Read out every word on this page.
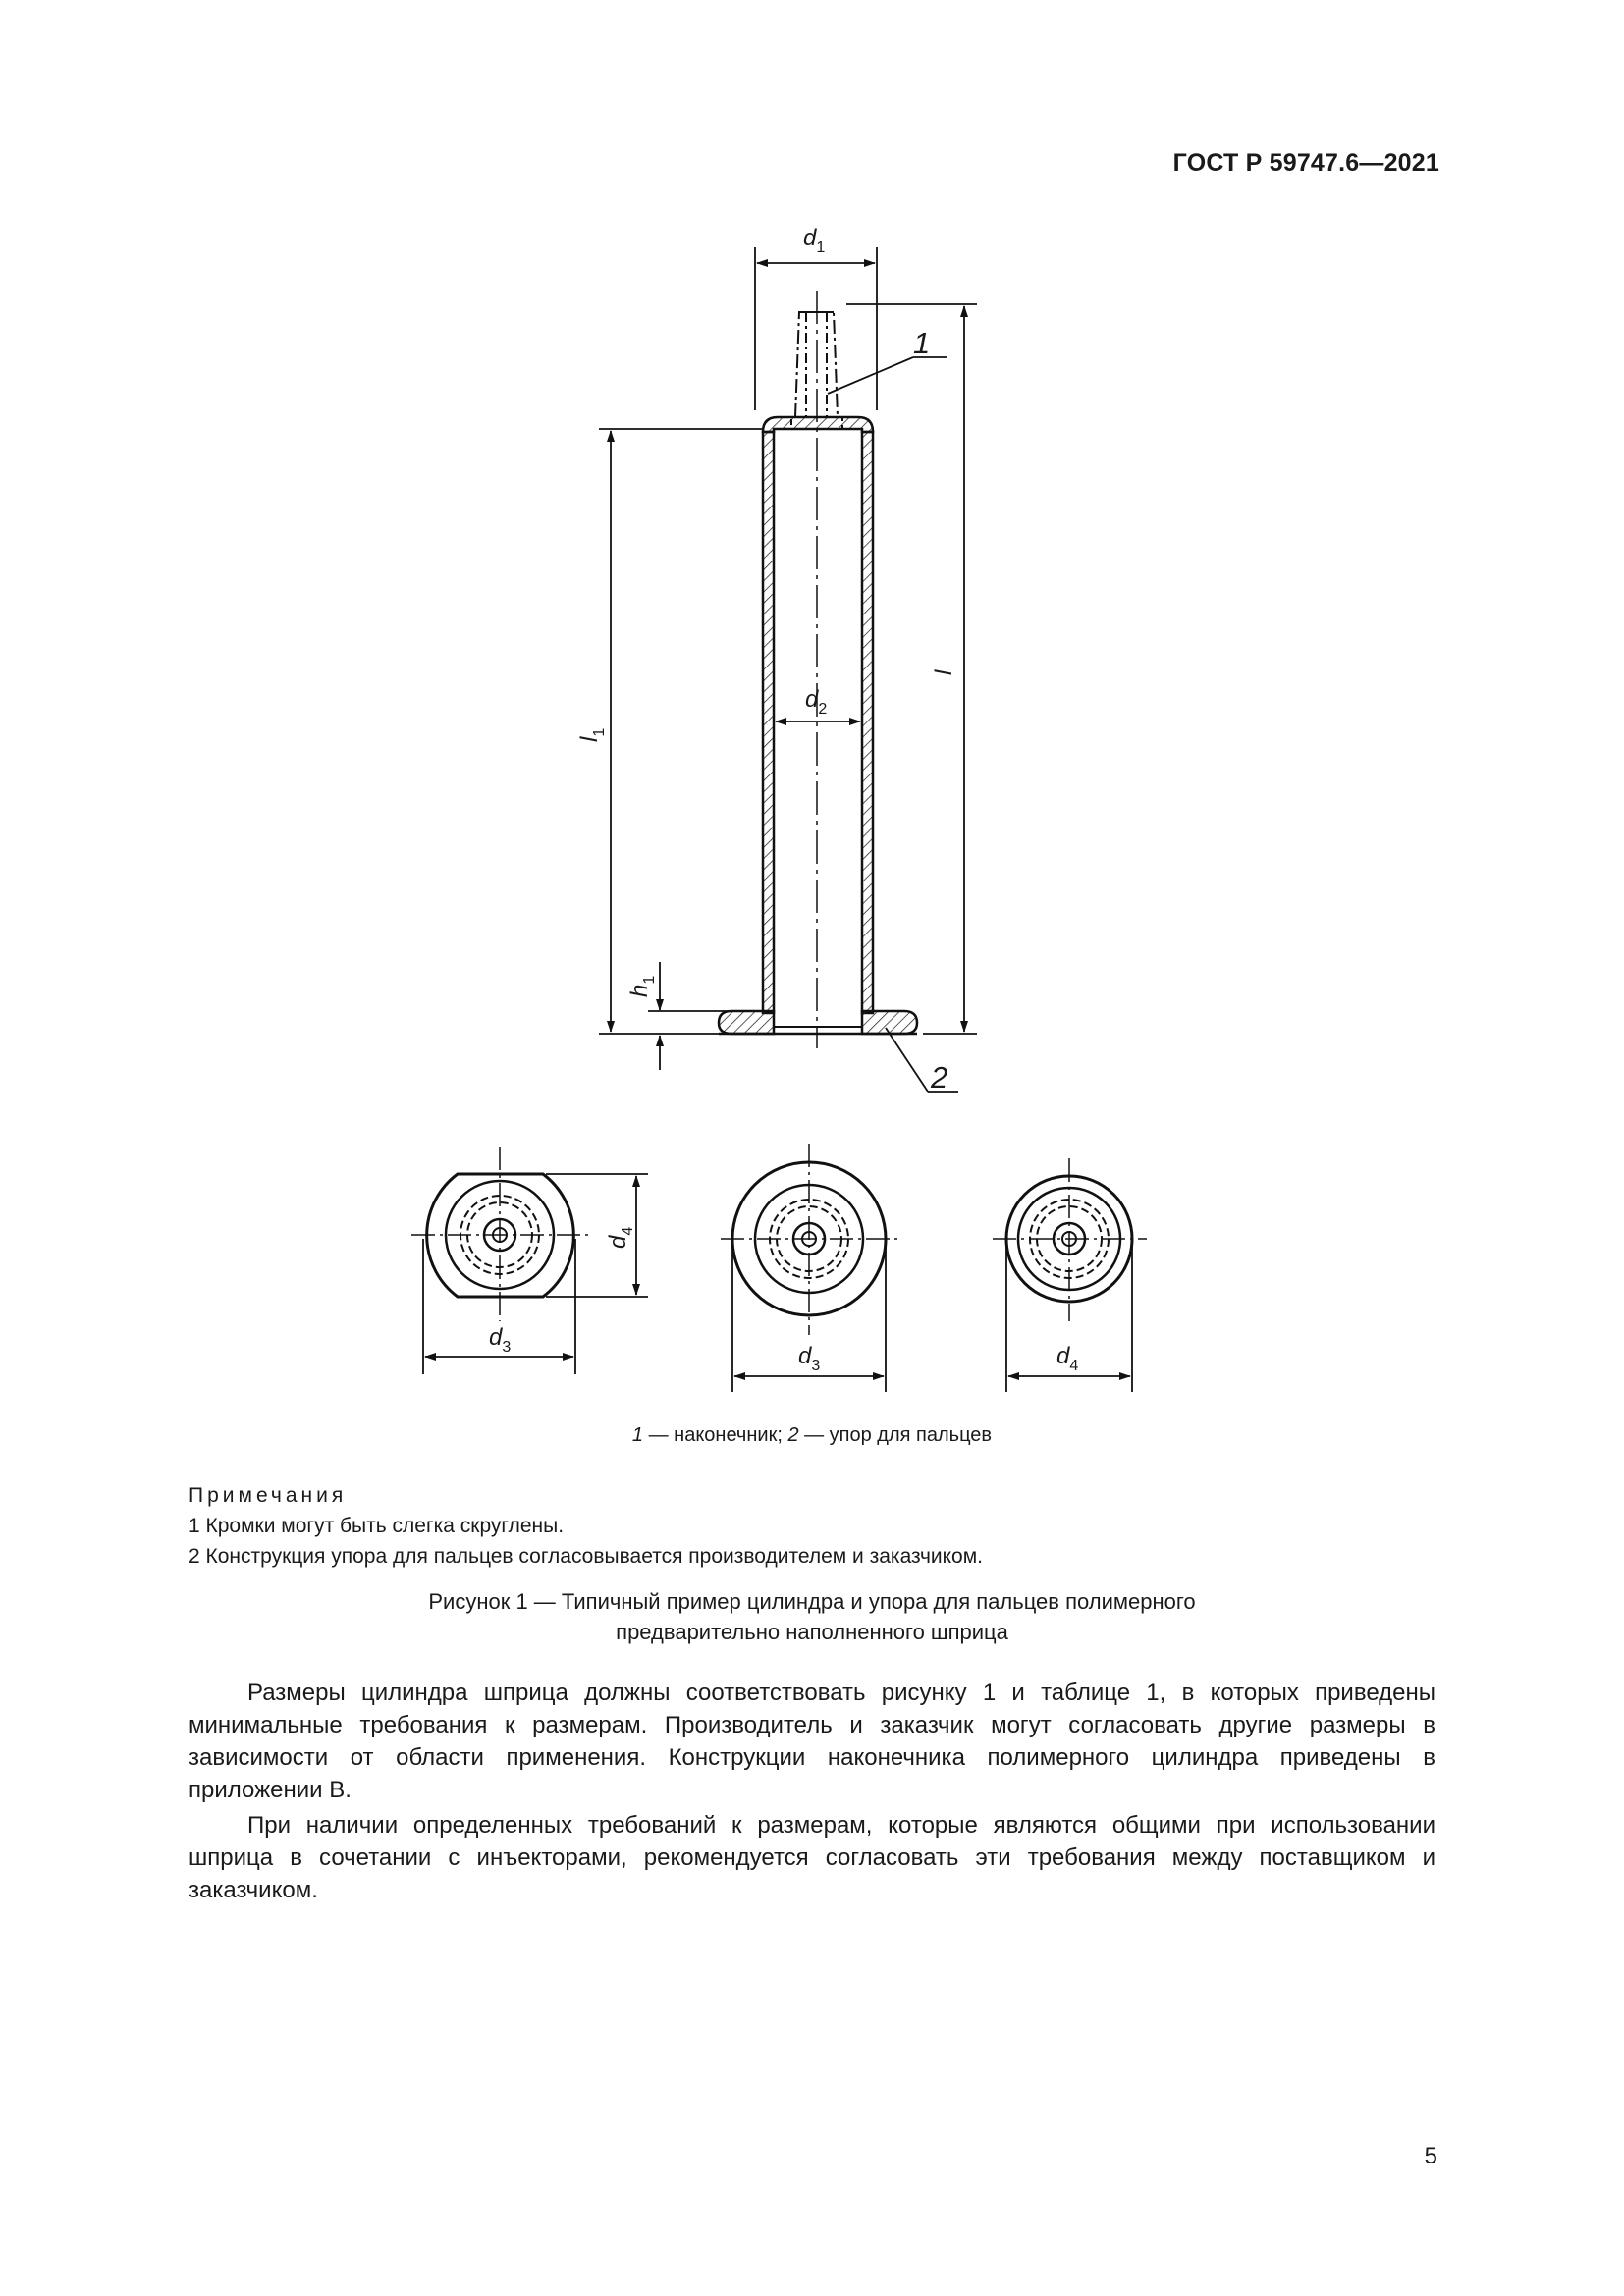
ГОСТ Р 59747.6—2021
$d_1$
$d_2$
l
$l_1$
$h_1$
1
2
$d_3$
$d_4$
$d_3$	$d_4$
1 — наконечник; 2 — упор для пальцев
Примечания
1 Кромки могут быть слегка скруглены.
2 Конструкция упора для пальцев согласовывается производителем и заказчиком.
Рисунок 1 — Типичный пример цилиндра и упора для пальцев полимерного
предварительно наполненного шприца
Размеры цилиндра шприца должны соответствовать рисунку 1 и таблице 1, в которых приведены минимальные требования к размерам. Производитель и заказчик могут согласовать другие размеры в зависимости от области применения. Конструкции наконечника полимерного цилиндра приведены в приложении В.
При наличии определенных требований к размерам, которые являются общими при использовании шприца в сочетании с инъекторами, рекомендуется согласовать эти требования между поставщиком и заказчиком.
5
